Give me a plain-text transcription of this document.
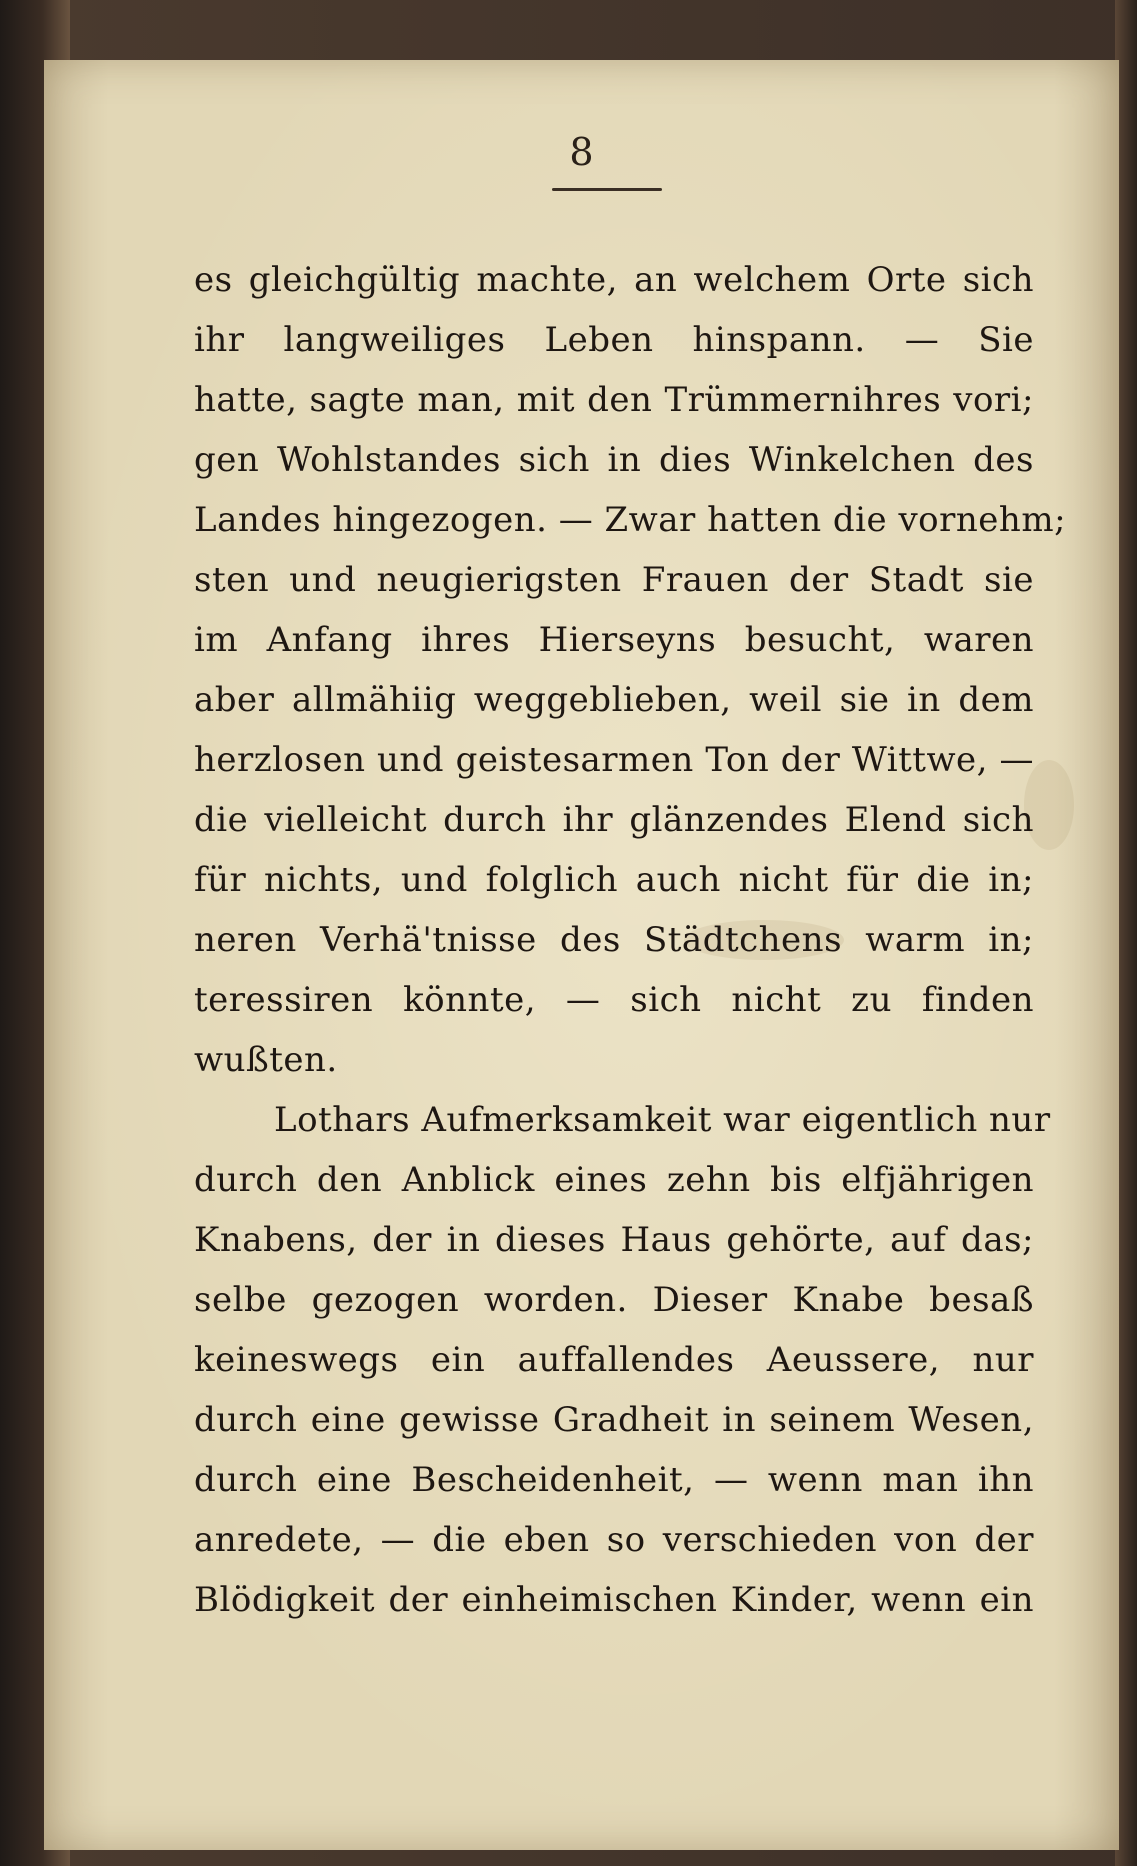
8
es gleichgültig machte, an welchem Orte sich
ihr langweiliges Leben hinspann. — Sie
hatte, sagte man, mit den Trümmernihres vori;
gen Wohlstandes sich in dies Winkelchen des
Landes hingezogen. — Zwar hatten die vornehm;
sten und neugierigsten Frauen der Stadt sie
im Anfang ihres Hierseyns besucht, waren
aber allmähiig weggeblieben, weil sie in dem
herzlosen und geistesarmen Ton der Wittwe, —
die vielleicht durch ihr glänzendes Elend sich
für nichts, und folglich auch nicht für die in;
neren Verhä'tnisse des Städtchens warm in;
teressiren könnte, — sich nicht zu finden
wußten.
Lothars Aufmerksamkeit war eigentlich nur
durch den Anblick eines zehn bis elfjährigen
Knabens, der in dieses Haus gehörte, auf das;
selbe gezogen worden. Dieser Knabe besaß
keineswegs ein auffallendes Aeussere, nur
durch eine gewisse Gradheit in seinem Wesen,
durch eine Bescheidenheit, — wenn man ihn
anredete, — die eben so verschieden von der
Blödigkeit der einheimischen Kinder, wenn ein
